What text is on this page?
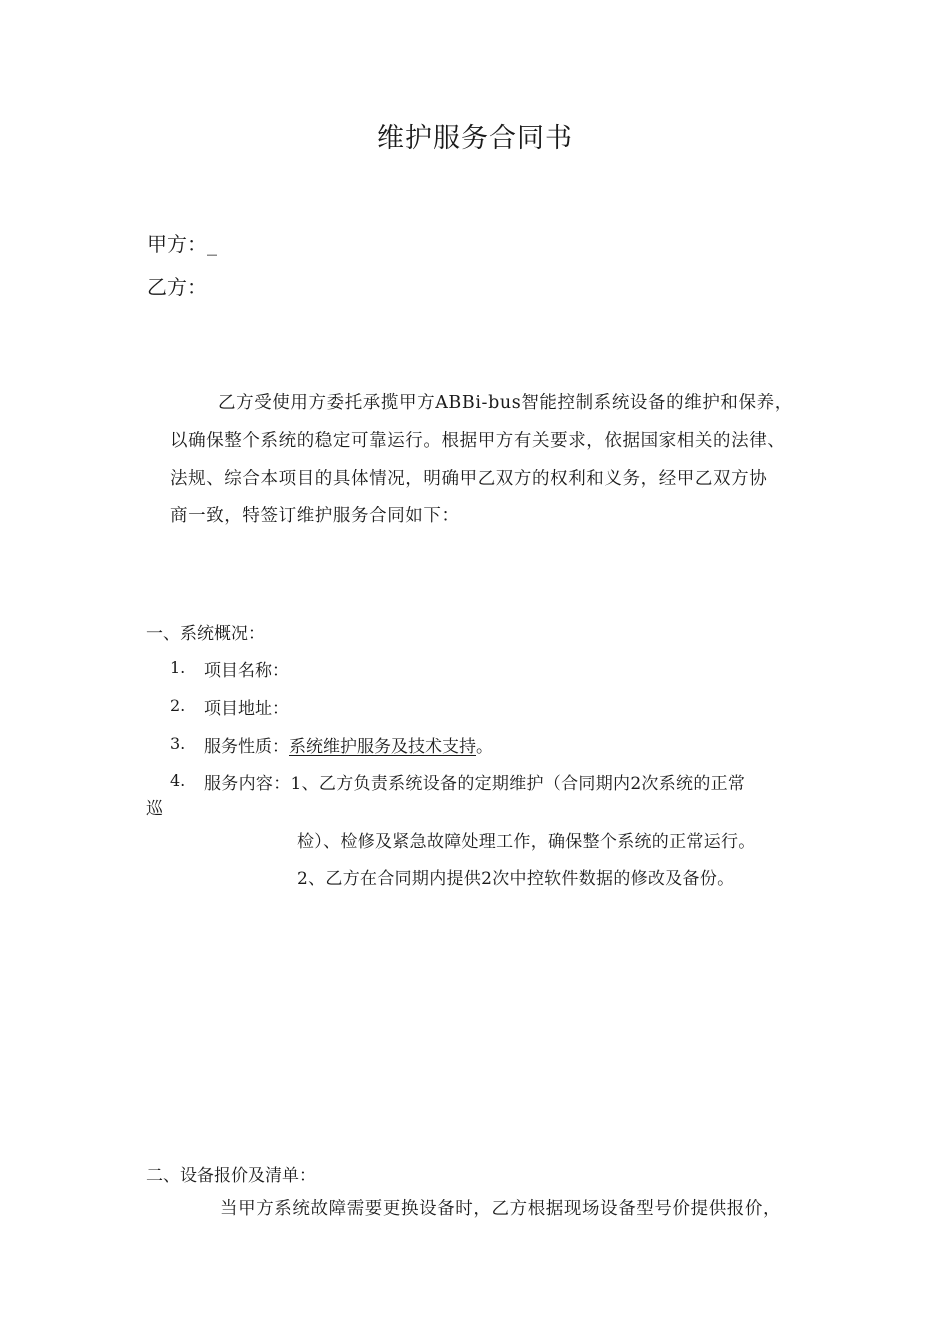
维护服务合同书
甲方：_
乙方：
乙方受使用方委托承揽甲方ABBi-bus智能控制系统设备的维护和保养，
以确保整个系统的稳定可靠运行。根据甲方有关要求，依据国家相关的法律、
法规、综合本项目的具体情况，明确甲乙双方的权利和义务，经甲乙双方协
商一致，特签订维护服务合同如下：
一、系统概况：
1. 项目名称：
2. 项目地址：
3. 服务性质：系统维护服务及技术支持。
4. 服务内容：1、乙方负责系统设备的定期维护（合同期内2次系统的正常
巡
检）、检修及紧急故障处理工作，确保整个系统的正常运行。
2、乙方在合同期内提供2次中控软件数据的修改及备份。
二、设备报价及清单：
当甲方系统故障需要更换设备时，乙方根据现场设备型号价提供报价，
